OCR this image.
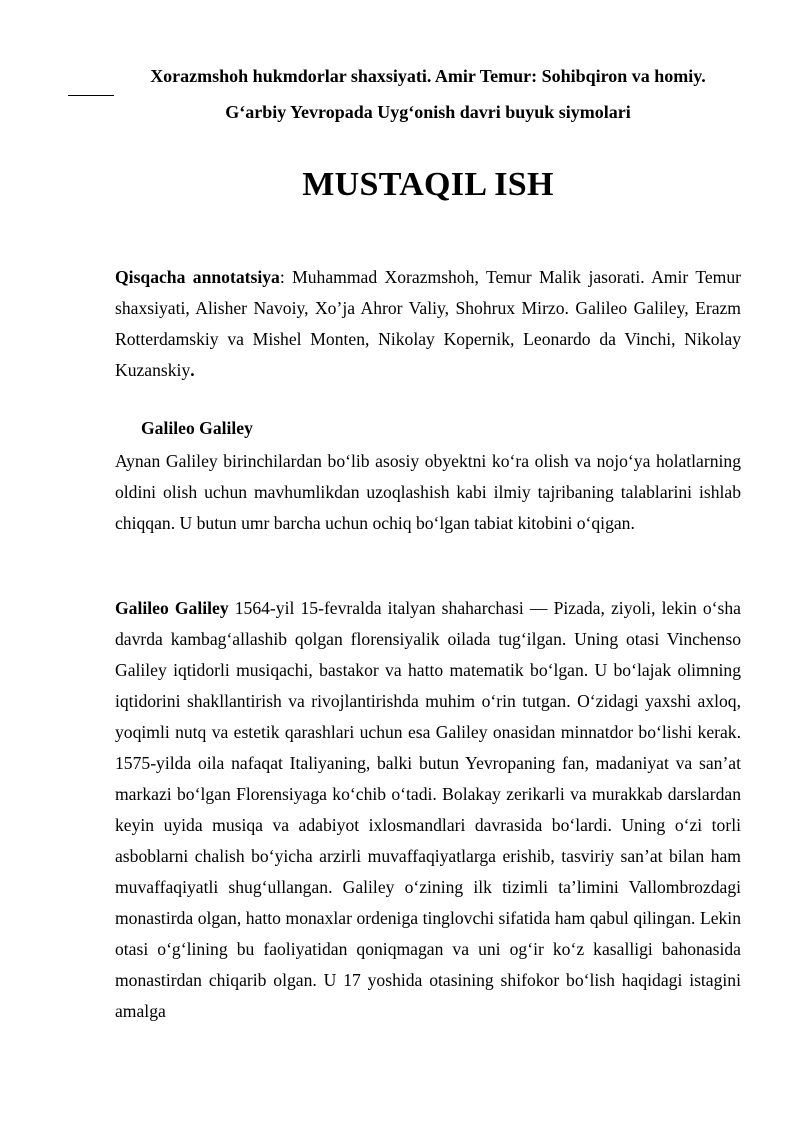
Xorazmshoh hukmdorlar shaxsiyati. Amir Temur: Sohibqiron va homiy.
G‘arbiy Yevropada Uyg‘onish davri buyuk siymolari
MUSTAQIL ISH

Qisqacha annotatsiya: Muhammad Xorazmshoh, Temur Malik jasorati. Amir Temur shaxsiyati, Alisher Navoiy, Xo’ja Ahror Valiy, Shohrux Mirzo. Galileo Galiley, Erazm Rotterdamskiy va Mishel Monten, Nikolay Kopernik, Leonardo da Vinchi, Nikolay Kuzanskiy.

Galileo Galiley

Aynan Galiley birinchilardan bo‘lib asosiy obyektni ko‘ra olish va nojo‘ya holatlarning oldini olish uchun mavhumlikdan uzoqlashish kabi ilmiy tajribaning talablarini ishlab chiqqan. U butun umr barcha uchun ochiq bo‘lgan tabiat kitobini o‘qigan.

Galileo Galiley 1564-yil 15-fevralda italyan shaharchasi — Pizada, ziyoli, lekin o‘sha davrda kambag‘allashib qolgan florensiyalik oilada tug‘ilgan. Uning otasi Vinchenso Galiley iqtidorli musiqachi, bastakor va hatto matematik bo‘lgan. U bo‘lajak olimning iqtidorini shakllantirish va rivojlantirishda muhim o‘rin tutgan. O‘zidagi yaxshi axloq, yoqimli nutq va estetik qarashlari uchun esa Galiley onasidan minnatdor bo‘lishi kerak. 1575-yilda oila nafaqat Italiyaning, balki butun Yevropaning fan, madaniyat va san’at markazi bo‘lgan Florensiyaga ko‘chib o‘tadi. Bolakay zerikarli va murakkab darslardan keyin uyida musiqa va adabiyot ixlosmandlari davrasida bo‘lardi. Uning o‘zi torli asboblarni chalish bo‘yicha arzirli muvaffaqiyatlarga erishib, tasviriy san’at bilan ham muvaffaqiyatli shug‘ullangan. Galiley o‘zining ilk tizimli ta’limini Vallombrozdagi monastirda olgan, hatto monaxlar ordeniga tinglovchi sifatida ham qabul qilingan. Lekin otasi o‘g‘lining bu faoliyatidan qoniqmagan va uni og‘ir ko‘z kasalligi bahonasida monastirdan chiqarib olgan. U 17 yoshida otasining shifokor bo‘lish haqidagi istagini amalga
